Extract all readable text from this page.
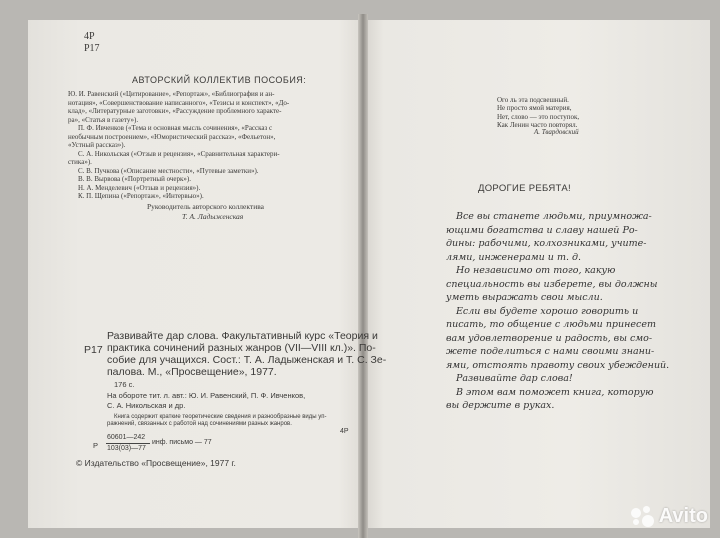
4Р
Р17
АВТОРСКИЙ КОЛЛЕКТИВ ПОСОБИЯ:
Ю. И. Равенский («Цитирование», «Репортаж», «Библиография и ан-
нотация», «Совершенствование написанного», «Тезисы и конспект», «До-
клад», «Литературные заготовки», «Рассуждение проблемного характе-
ра», «Статья в газету»).
П. Ф. Ивченков («Тема и основная мысль сочинения», «Рассказ с
необычным построением», «Юмористический рассказ», «Фельетон»,
«Устный рассказ»).
С. А. Никольская («Отзыв и рецензия», «Сравнительная характери-
стика»).
С. В. Пучкова («Описание местности», «Путевые заметки»).
В. В. Вырвова («Портретный очерк»).
Н. А. Менделевич («Отзыв и рецензия»).
К. П. Щепина («Репортаж», «Интервью»).
Руководитель авторского коллектива
Т. А. Ладыженская
Р17
Развивайте дар слова. Факультативный курс «Теория и
практика сочинений разных жанров (VII—VIII кл.)». По-
собие для учащихся. Сост.: Т. А. Ладыженская и Т. С. Зе-
палова. М., «Просвещение», 1977.
176 с.
На обороте тит. л. авт.: Ю. И. Равенский, П. Ф. Ивченков,
С. А. Никольская и др.
Книга содержит краткие теоретические сведения и разнообразные виды уп-
ражнений, связанных с работой над сочинениями разных жанров.
Р
60601—242
103(03)—77
инф. письмо — 77
4Р
© Издательство «Просвещение», 1977 г.
Ого ль эта подсвешный.
Не просто ямой материя,
Нет, слово — это поступок,
Как Ленин часто повторял.
А. Твардовский
ДОРОГИЕ РЕБЯТА!
Все вы станете людьми, приумножа-
ющими богатства и славу нашей Ро-
дины: рабочими, колхозниками, учите-
лями, инженерами и т. д.
Но независимо от того, какую
специальность вы изберете, вы должны
уметь выражать свои мысли.
Если вы будете хорошо говорить и
писать, то общение с людьми принесет
вам удовлетворение и радость, вы смо-
жете поделиться с нами своими знани-
ями, отстоять правоту своих убеждений.
Развивайте дар слова!
В этом вам поможет книга, которую
вы держите в руках.
Avito
